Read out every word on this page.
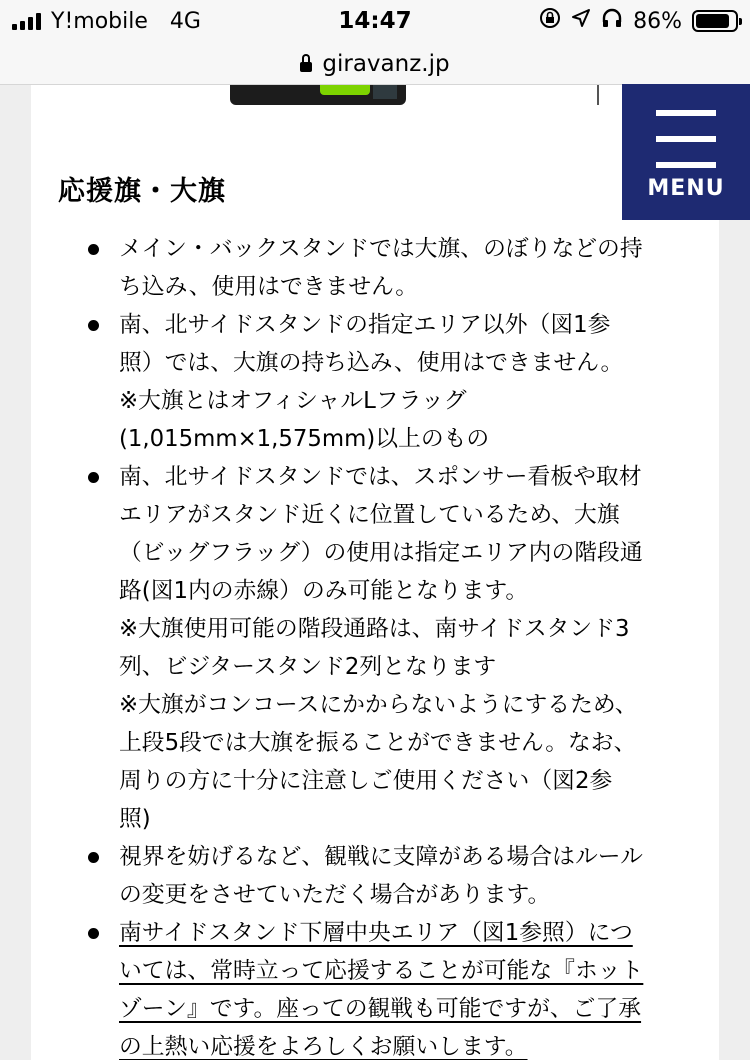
Y!mobile 4G	14:47	86%
giravanz.jp
応援旗・大旗
メイン・バックスタンドでは大旗、のぼりなどの持
ち込み、使用はできません。
南、北サイドスタンドの指定エリア以外（図1参
照）では、大旗の持ち込み、使用はできません。
※大旗とはオフィシャルLフラッグ
(1,015mm×1,575mm)以上のもの
南、北サイドスタンドでは、スポンサー看板や取材
エリアがスタンド近くに位置しているため、大旗
（ビッグフラッグ）の使用は指定エリア内の階段通
路(図1内の赤線）のみ可能となります。
※大旗使用可能の階段通路は、南サイドスタンド3
列、ビジタースタンド2列となります
※大旗がコンコースにかからないようにするため、
上段5段では大旗を振ることができません。なお、
周りの方に十分に注意しご使用ください（図2参
照)
視界を妨げるなど、観戦に支障がある場合はルール
の変更をさせていただく場合があります。
南サイドスタンド下層中央エリア（図1参照）につ
いては、常時立って応援することが可能な『ホット
ゾーン』です。座っての観戦も可能ですが、ご了承
の上熱い応援をよろしくお願いします。
MENU
